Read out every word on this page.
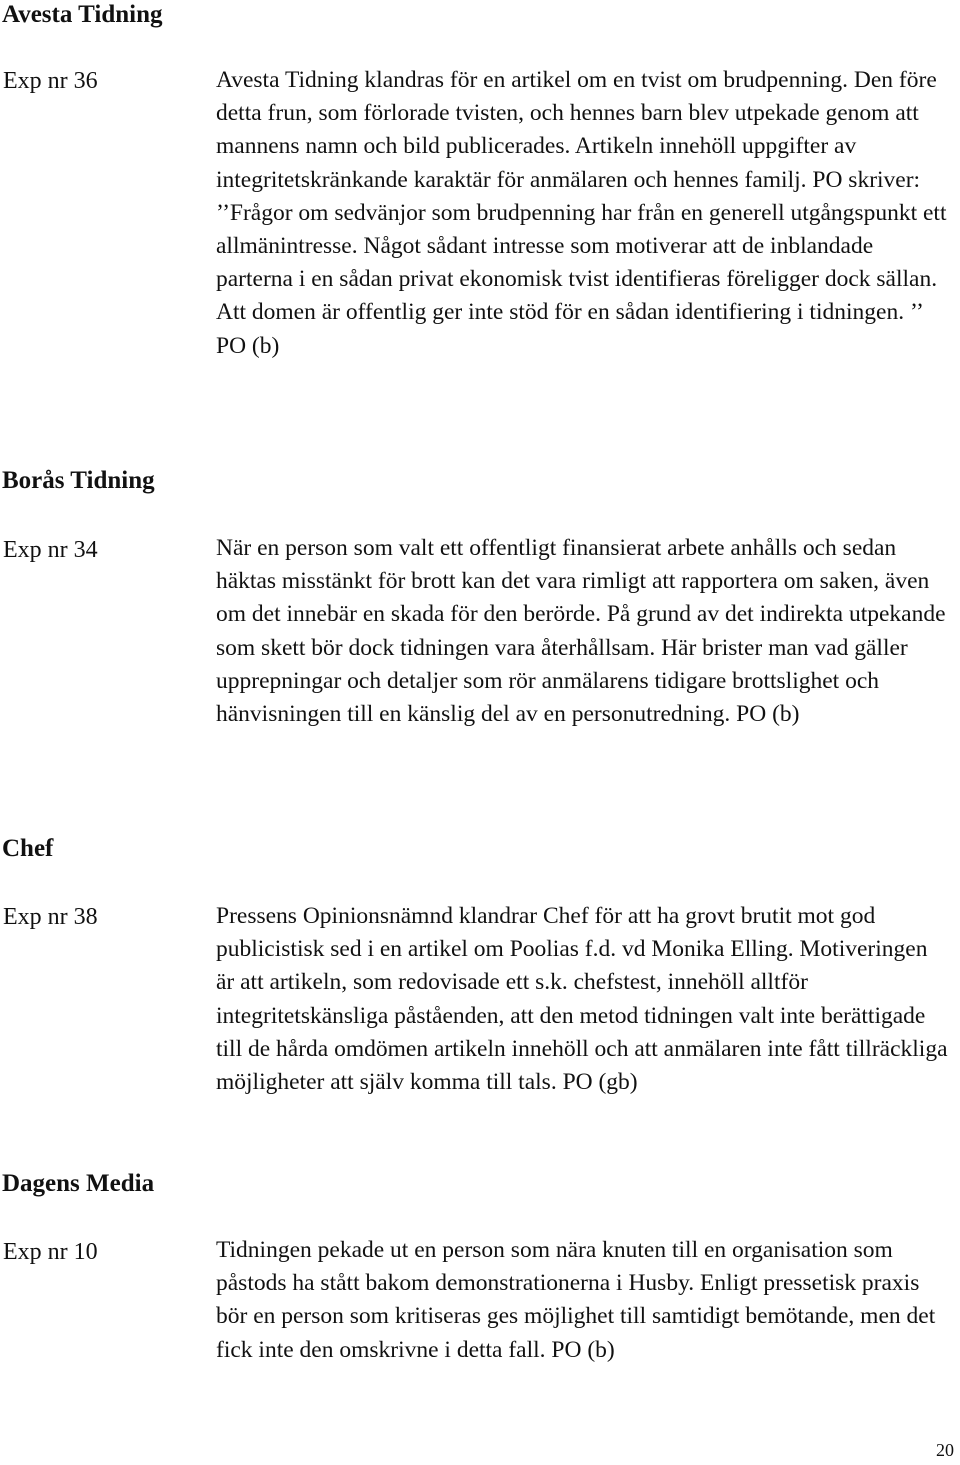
Avesta Tidning
Exp nr 36	Avesta Tidning klandras för en artikel om en tvist om brudpenning. Den före detta frun, som förlorade tvisten, och hennes barn blev utpekade genom att mannens namn och bild publicerades. Artikeln innehöll uppgifter av integritetskränkande karaktär för anmälaren och hennes familj. PO skriver: ’’Frågor om sedvänjor som brudpenning har från en generell utgångspunkt ett allmänintresse. Något sådant intresse som motiverar att de inblandade parterna i en sådan privat ekonomisk tvist identifieras föreligger dock sällan. Att domen är offentlig ger inte stöd för en sådan identifiering i tidningen. ’’ PO (b)

Borås Tidning
Exp nr 34	När en person som valt ett offentligt finansierat arbete anhålls och sedan häktas misstänkt för brott kan det vara rimligt att rapportera om saken, även om det innebär en skada för den berörde. På grund av det indirekta utpekande som skett bör dock tidningen vara återhållsam. Här brister man vad gäller upprepningar och detaljer som rör anmälarens tidigare brottslighet och hänvisningen till en känslig del av en personutredning. PO (b)

Chef
Exp nr 38	Pressens Opinionsnämnd klandrar Chef för att ha grovt brutit mot god publicistisk sed i en artikel om Poolias f.d. vd Monika Elling. Motiveringen är att artikeln, som redovisade ett s.k. chefstest, innehöll alltför integritetskänsliga påståenden, att den metod tidningen valt inte berättigade till de hårda omdömen artikeln innehöll och att anmälaren inte fått tillräckliga möjligheter att själv komma till tals. PO (gb)

Dagens Media
Exp nr 10	Tidningen pekade ut en person som nära knuten till en organisation som påstods ha stått bakom demonstrationerna i Husby. Enligt pressetisk praxis bör en person som kritiseras ges möjlighet till samtidigt bemötande, men det fick inte den omskrivne i detta fall. PO (b)

20
